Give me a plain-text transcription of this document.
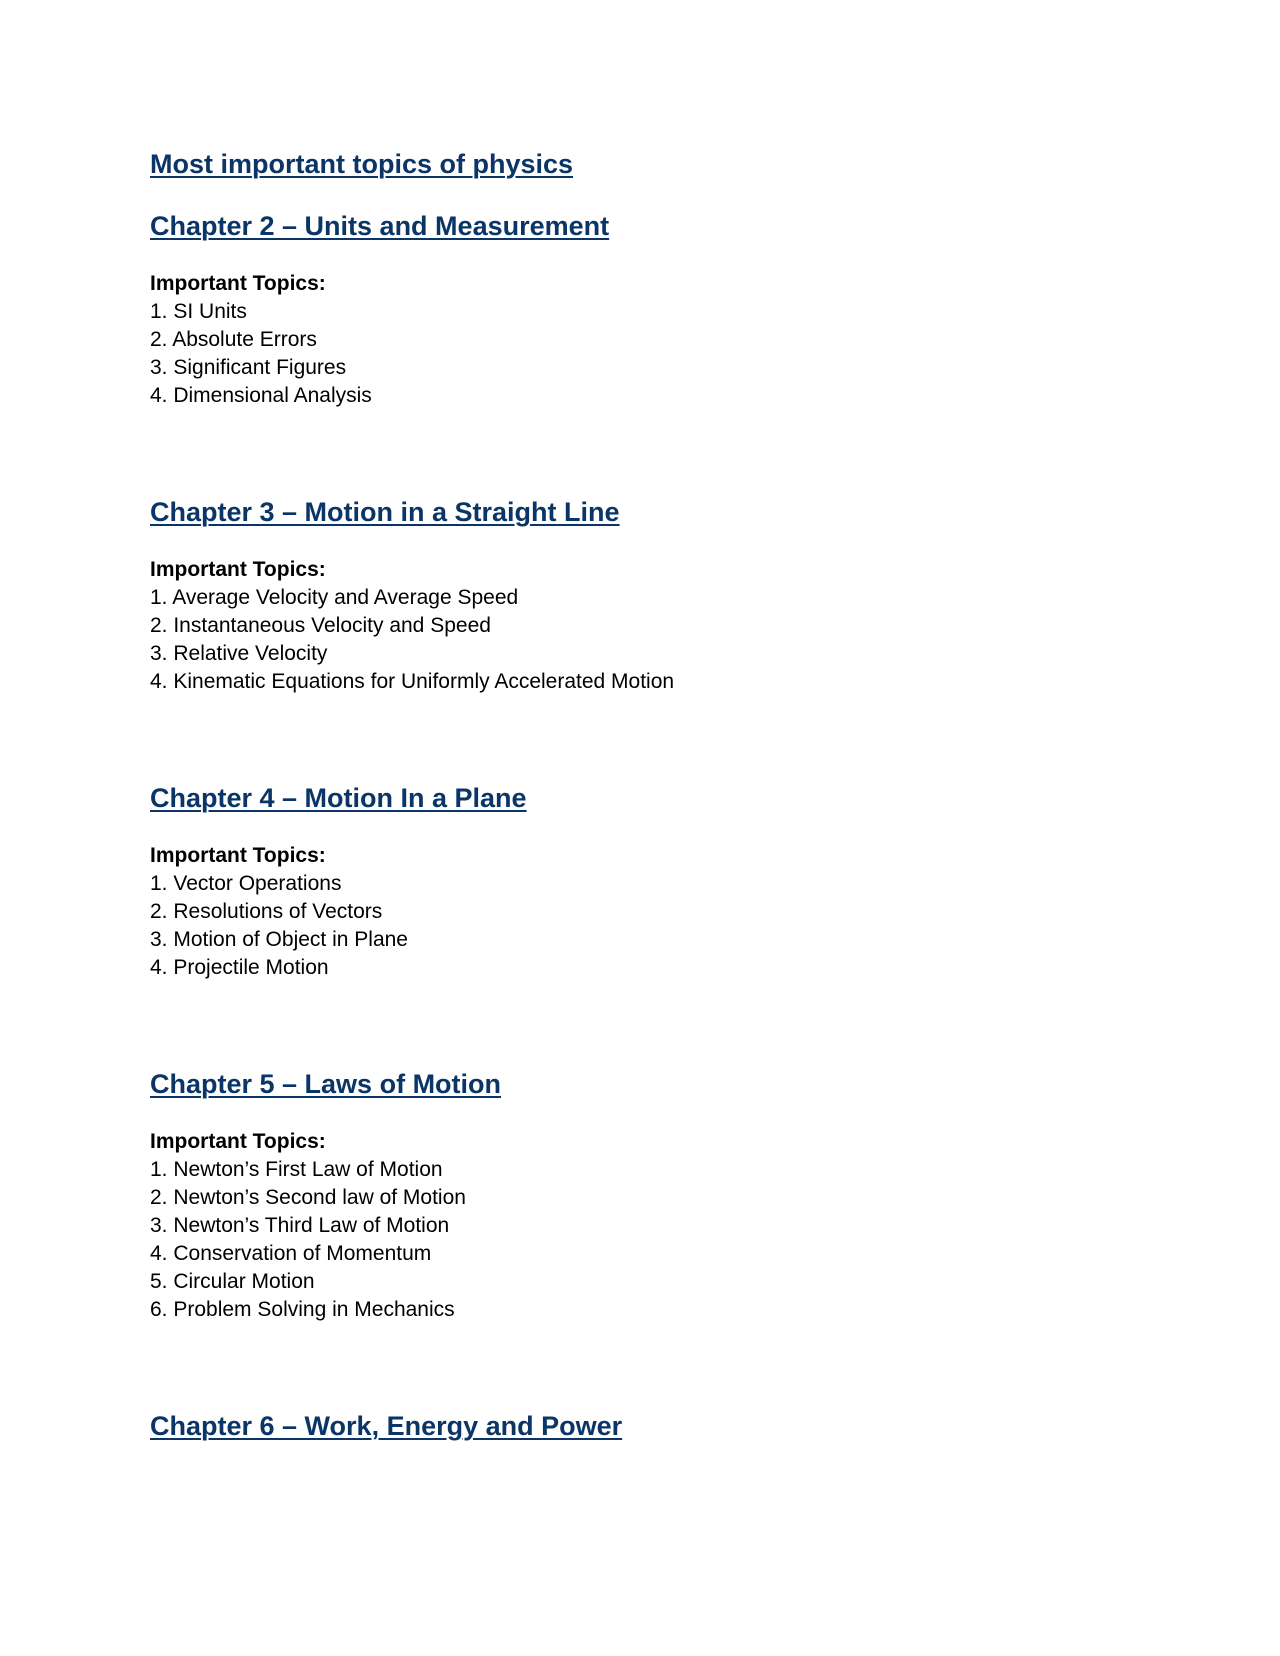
Most important topics of physics
Chapter 2 – Units and Measurement
Important Topics:
1. SI Units
2. Absolute Errors
3. Significant Figures
4. Dimensional Analysis
Chapter 3 – Motion in a Straight Line
Important Topics:
1. Average Velocity and Average Speed
2. Instantaneous Velocity and Speed
3. Relative Velocity
4. Kinematic Equations for Uniformly Accelerated Motion
Chapter 4 – Motion In a Plane
Important Topics:
1. Vector Operations
2. Resolutions of Vectors
3. Motion of Object in Plane
4. Projectile Motion
Chapter 5 – Laws of Motion
Important Topics:
1. Newton’s First Law of Motion
2. Newton’s Second law of Motion
3. Newton’s Third Law of Motion
4. Conservation of Momentum
5. Circular Motion
6. Problem Solving in Mechanics
Chapter 6 – Work, Energy and Power
